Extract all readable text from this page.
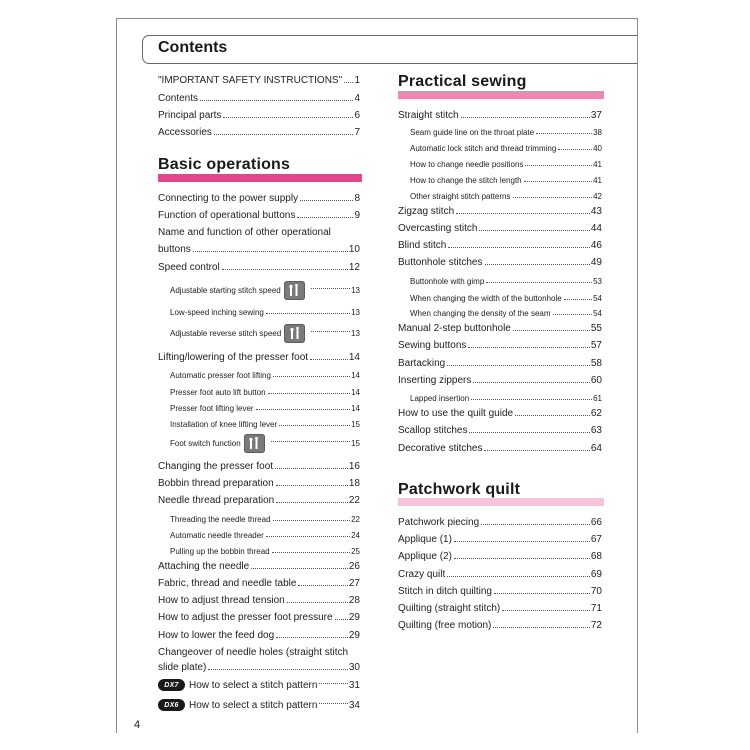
Contents
Basic operations
Practical sewing
Patchwork quilt
4
"IMPORTANT SAFETY INSTRUCTIONS" 1
Contents	4
Principal parts	6
Accessories	7
Connecting to the power supply	8
Function of operational buttons	9
Name and function of other operational
buttons	10
Speed control	12
Adjustable starting stitch speed	13
Low-speed inching sewing	13
Adjustable reverse stitch speed	13
Lifting/lowering of the presser foot	14
Automatic presser foot lifting	14
Presser foot auto lift button	14
Presser foot lifting lever	14
Installation of knee lifting lever	15
Foot switch function	15
Changing the presser foot	16
Bobbin thread preparation	18
Needle thread preparation	22
Threading the needle thread	22
Automatic needle threader	24
Pulling up the bobbin thread	25
Attaching the needle	26
Fabric, thread and needle table	27
How to adjust thread tension	28
How to adjust the presser foot pressure 29
How to lower the feed dog	29
Changeover of needle holes (straight stitch
slide plate)	30
DX7	How to select a stitch pattern	31
DX6	How to select a stitch pattern	34
Straight stitch	37
Seam guide line on the throat plate	38
Automatic lock stitch and thread trimming	40
How to change needle positions	41
How to change the stitch length	41
Other straight stitch patterns	42
Zigzag stitch	43
Overcasting stitch	44
Blind stitch	46
Buttonhole stitches	49
Buttonhole with gimp	53
When changing the width of the buttonhole	54
When changing the density of the seam	54
Manual 2-step buttonhole	55
Sewing buttons	57
Bartacking	58
Inserting zippers	60
Lapped insertion	61
How to use the quilt guide	62
Scallop stitches	63
Decorative stitches	64
Patchwork piecing	66
Applique (1)	67
Applique (2)	68
Crazy quilt	69
Stitch in ditch quilting	70
Quilting (straight stitch)	71
Quilting (free motion)	72
